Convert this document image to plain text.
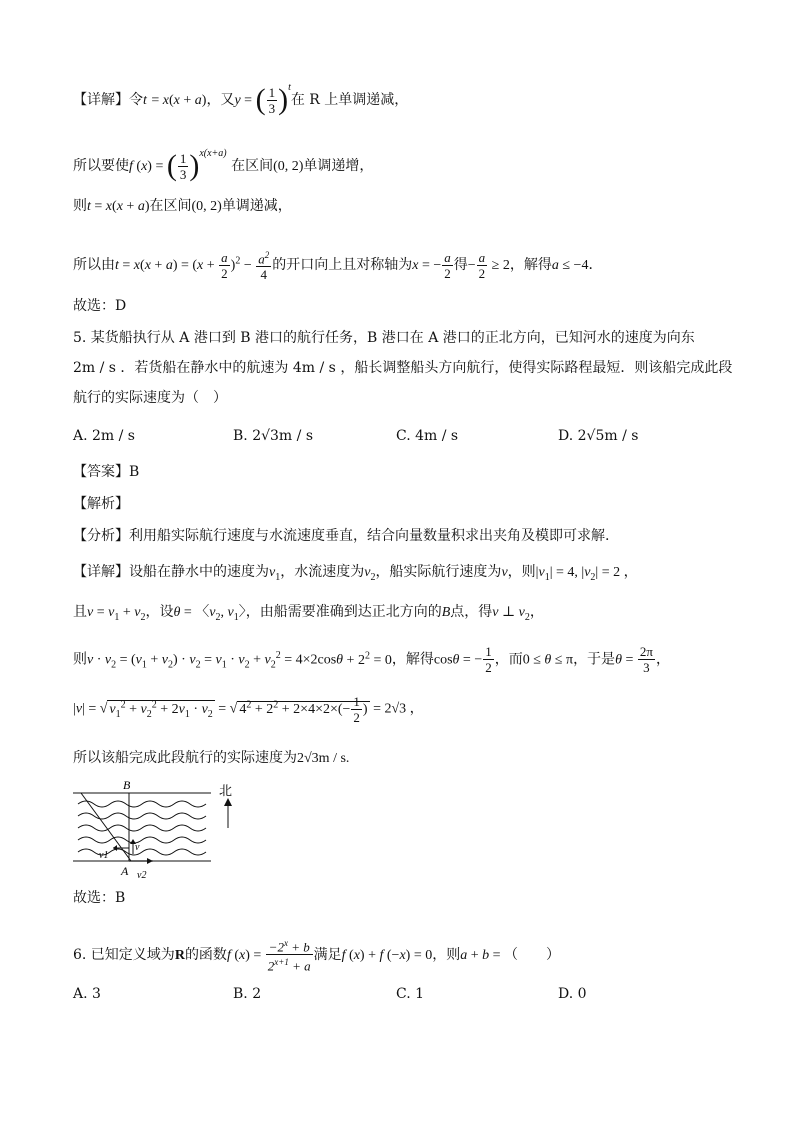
【详解】令t = x(x + a)，又y = ( $\frac{1}{3} )^t$在 R 上单调递减，
所以要使f (x) = ( $\frac{1}{3} )^{x(x+a)}$ 在区间(0, 2)单调递增，
则t = x(x + a)在区间(0, 2)单调递减，
所以由$t = x(x + a) = (x + \frac{a}{2} )^2 - \frac{a^2}{4}$ 的开口向上且对称轴为x = − $\frac{a}{2}$ 得− $\frac{a}{2} \ge 2$，解得a ≤ −4．
故选：D
5. 某货船执行从 A 港口到 B 港口的航行任务，B 港口在 A 港口的正北方向，已知河水的速度为向东
2m / s ．若货船在静水中的航速为 4m / s ，船长调整船头方向航行，使得实际路程最短．则该船完成此段
航行的实际速度为（　）
A. 2m / s	B. 2√3m / s	C. 4m / s	D. 2√5m / s
【答案】B
【解析】
【分析】利用船实际航行速度与水流速度垂直，结合向量数量积求出夹角及模即可求解.
【详解】设船在静水中的速度为$v_1$，水流速度为$v_2$，船实际航行速度为v，则$|v_1| = 4$, $|v_2| = 2$ ，
且$v = v_1 + v_2$，设θ = 〈$v_2$, $v_1$〉，由船需要准确到达正北方向的B点，得v ⊥ $v_2$，
则$v \cdot v_2 = (v_1 + v_2) \cdot v_2 = v_1 \cdot v_2 + v_2^2 = 4\times 2\cos\theta + 2^2 = 0$，解得cosθ = − $\frac{1}{2}$ ，而0 ≤ θ ≤ π，于是$\theta = \frac{2\pi}{3}$ ，
|v| = √ $v_1^2 + v_2^2 + 2v_1 \cdot v_2$ = √ $4^2 + 2^2 + 2\times 4\times 2\times(- \frac{1}{2}$ ) = 2√3 ，
所以该船完成此段航行的实际速度为2√3m / s.
北
B
A
v1
v2
v
故选：B
6. 已知定义域为R的函数f $(x) = \frac{-2^x + b}{2^{x+1} + a}$ 满足f (x) + f (−x) = 0，则a + b = （　　）
A. 3	B. 2	C. 1	D. 0
